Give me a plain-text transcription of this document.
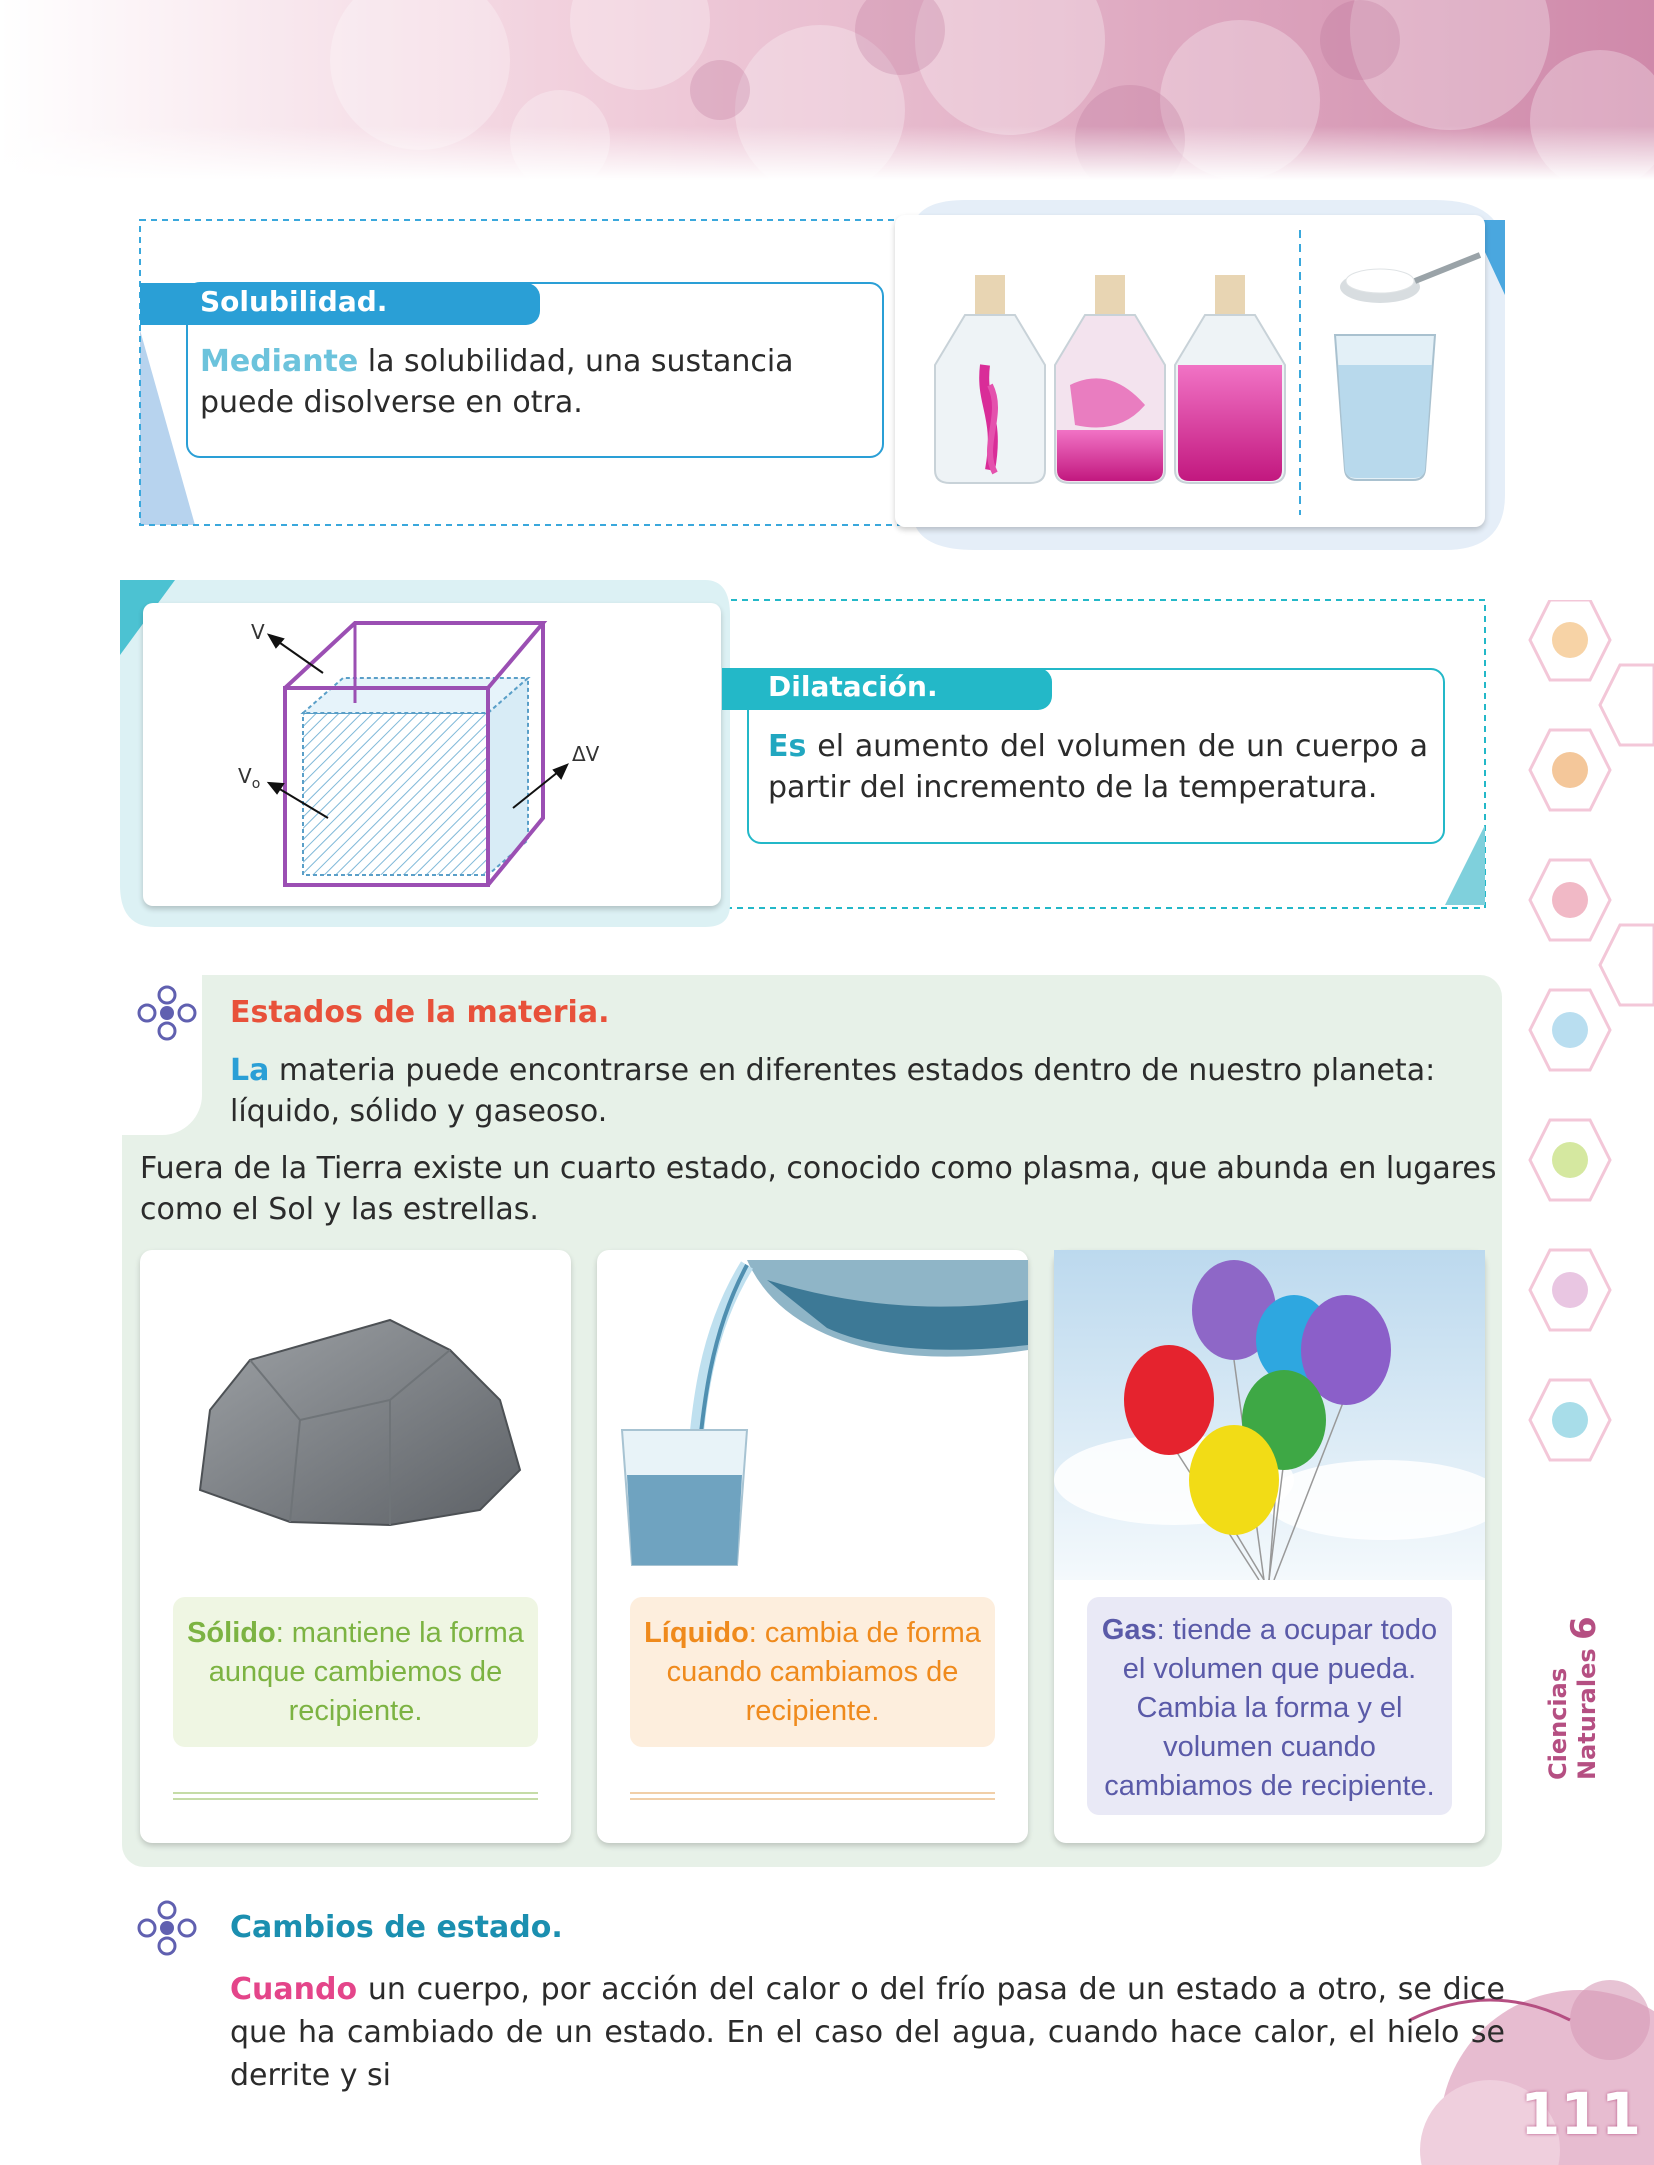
Ciencias
Naturales 6
111
Solubilidad.
Mediante la solubilidad, una sustancia puede disolverse en otra.
V
$V_o$
ΔV
Dilatación.
Es el aumento del volumen de un cuerpo a partir del incremento de la temperatura.
Estados de la materia.
La materia puede encontrarse en diferentes estados dentro de nuestro planeta: líquido, sólido y gaseoso.
Fuera de la Tierra existe un cuarto estado, conocido como plasma, que abunda en lugares como el Sol y las estrellas.
Sólido: mantiene la forma aunque cambiemos de recipiente.
Líquido: cambia de forma cuando cambiamos de recipiente.
Gas: tiende a ocupar todo el volumen que pueda. Cambia la forma y el volumen cuando cambiamos de recipiente.
Cambios de estado.
Cuando un cuerpo, por acción del calor o del frío pasa de un estado a otro, se dice que ha cambiado de un estado. En el caso del agua, cuando hace calor, el hielo se derrite y si
